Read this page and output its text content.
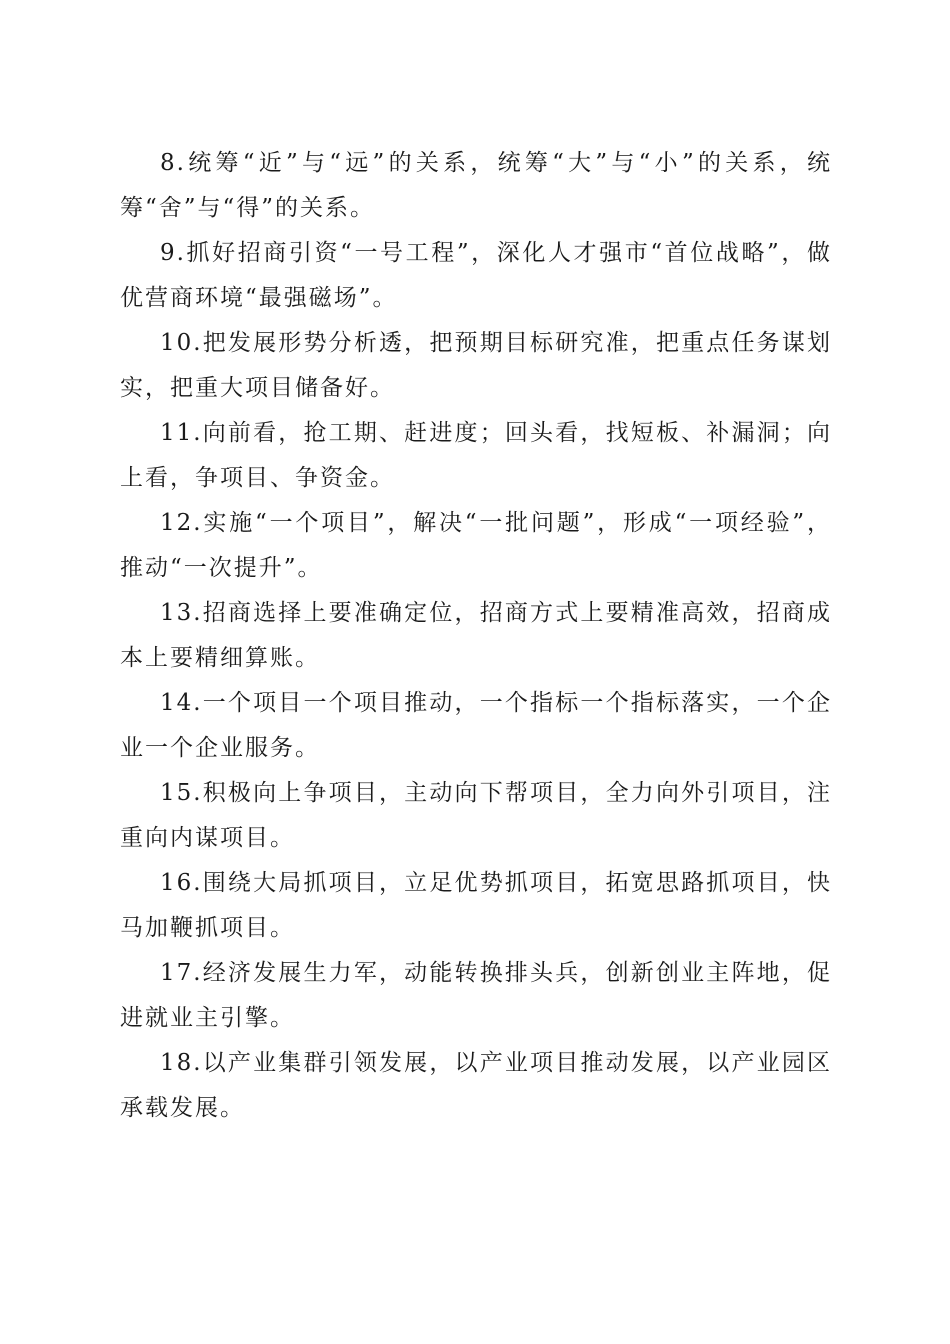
8.统筹“近”与“远”的关系，统筹“大”与“小”的关系，统筹“舍”与“得”的关系。

9.抓好招商引资“一号工程”，深化人才强市“首位战略”，做优营商环境“最强磁场”。

10.把发展形势分析透，把预期目标研究准，把重点任务谋划实，把重大项目储备好。

11.向前看，抢工期、赶进度；回头看，找短板、补漏洞；向上看，争项目、争资金。

12.实施“一个项目”，解决“一批问题”，形成“一项经验”，推动“一次提升”。

13.招商选择上要准确定位，招商方式上要精准高效，招商成本上要精细算账。

14.一个项目一个项目推动，一个指标一个指标落实，一个企业一个企业服务。

15.积极向上争项目，主动向下帮项目，全力向外引项目，注重向内谋项目。

16.围绕大局抓项目，立足优势抓项目，拓宽思路抓项目，快马加鞭抓项目。

17.经济发展生力军，动能转换排头兵，创新创业主阵地，促进就业主引擎。

18.以产业集群引领发展，以产业项目推动发展，以产业园区承载发展。
